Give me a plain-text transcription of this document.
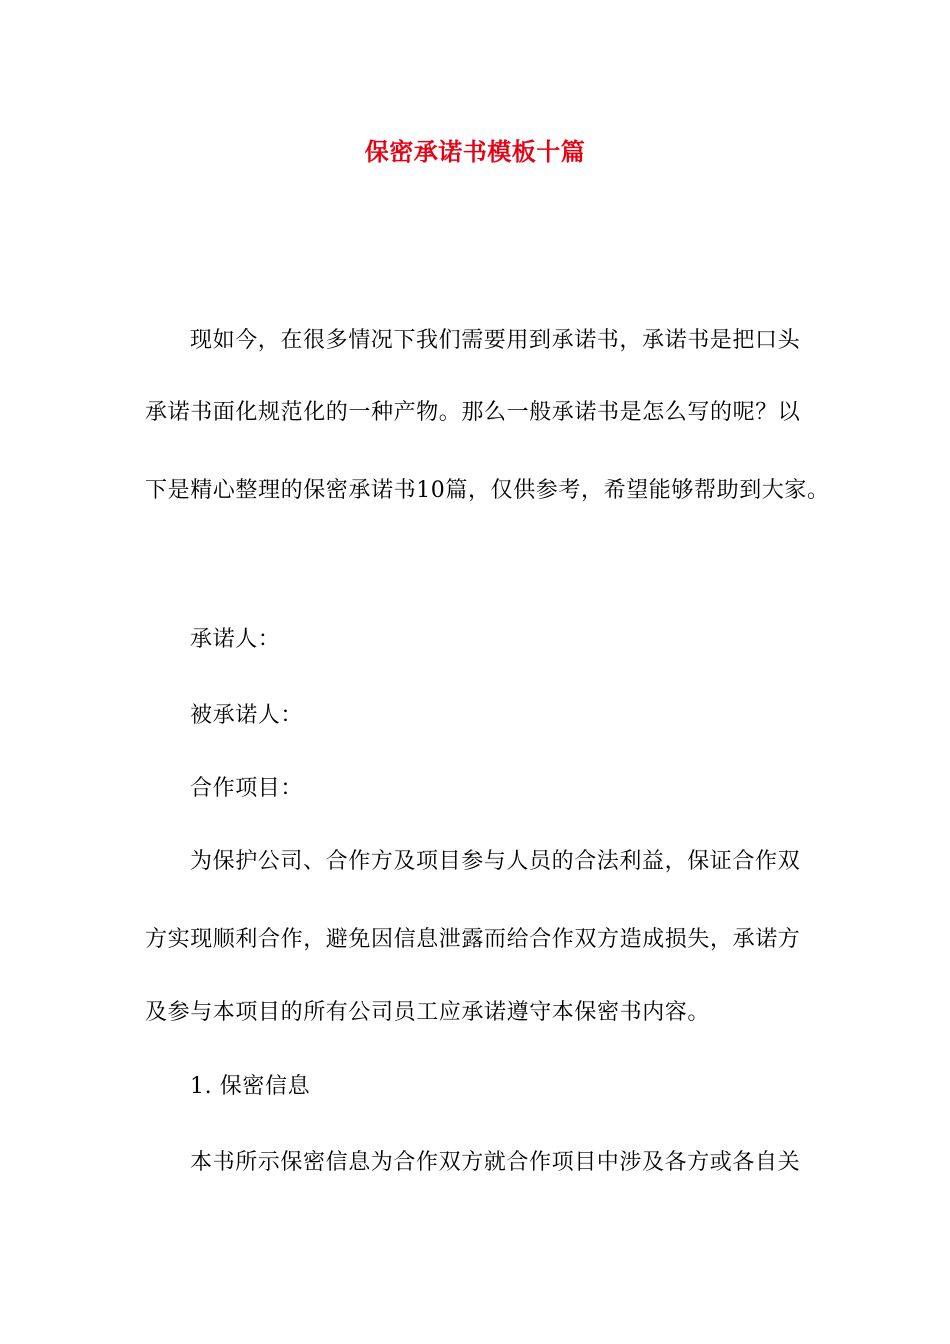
保密承诺书模板十篇
现如今，在很多情况下我们需要用到承诺书，承诺书是把口头
承诺书面化规范化的一种产物。那么一般承诺书是怎么写的呢？以
下是精心整理的保密承诺书10篇，仅供参考，希望能够帮助到大家。
承诺人：
被承诺人：
合作项目：
为保护公司、合作方及项目参与人员的合法利益，保证合作双
方实现顺利合作，避免因信息泄露而给合作双方造成损失，承诺方
及参与本项目的所有公司员工应承诺遵守本保密书内容。
1. 保密信息
本书所示保密信息为合作双方就合作项目中涉及各方或各自关
